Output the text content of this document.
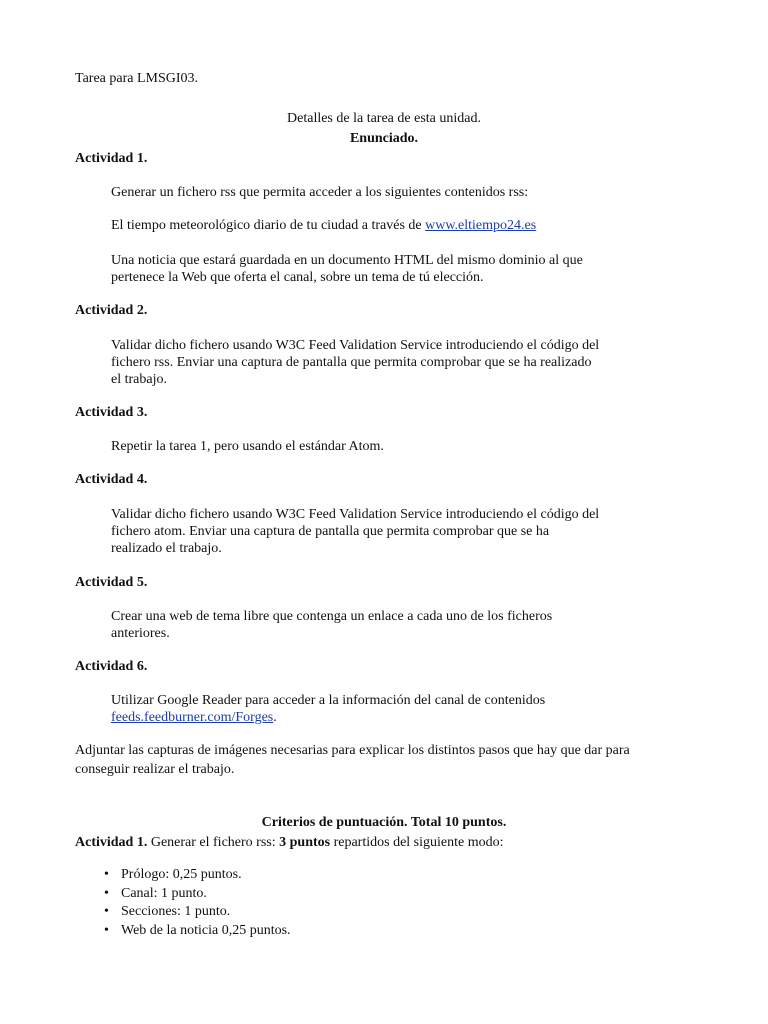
Tarea para LMSGI03.
Detalles de la tarea de esta unidad.
Enunciado.
Actividad 1.
Generar un fichero rss que permita acceder a los siguientes contenidos rss:
El tiempo meteorológico diario de tu ciudad a través de www.eltiempo24.es
Una noticia que estará guardada en un documento HTML del mismo dominio al que
pertenece la Web que oferta el canal, sobre un tema de tú elección.
Actividad 2.
Validar dicho fichero usando W3C Feed Validation Service introduciendo el código del
fichero rss. Enviar una captura de pantalla que permita comprobar que se ha realizado
el trabajo.
Actividad 3.
Repetir la tarea 1, pero usando el estándar Atom.
Actividad 4.
Validar dicho fichero usando W3C Feed Validation Service introduciendo el código del
fichero atom. Enviar una captura de pantalla que permita comprobar que se ha
realizado el trabajo.
Actividad 5.
Crear una web de tema libre que contenga un enlace a cada uno de los ficheros
anteriores.
Actividad 6.
Utilizar Google Reader para acceder a la información del canal de contenidos
feeds.feedburner.com/Forges.
Adjuntar las capturas de imágenes necesarias para explicar los distintos pasos que hay que dar para
conseguir realizar el trabajo.
Criterios de puntuación. Total 10 puntos.
Actividad 1. Generar el fichero rss: 3 puntos repartidos del siguiente modo:
• Prólogo: 0,25 puntos.
• Canal: 1 punto.
• Secciones: 1 punto.
• Web de la noticia 0,25 puntos.
